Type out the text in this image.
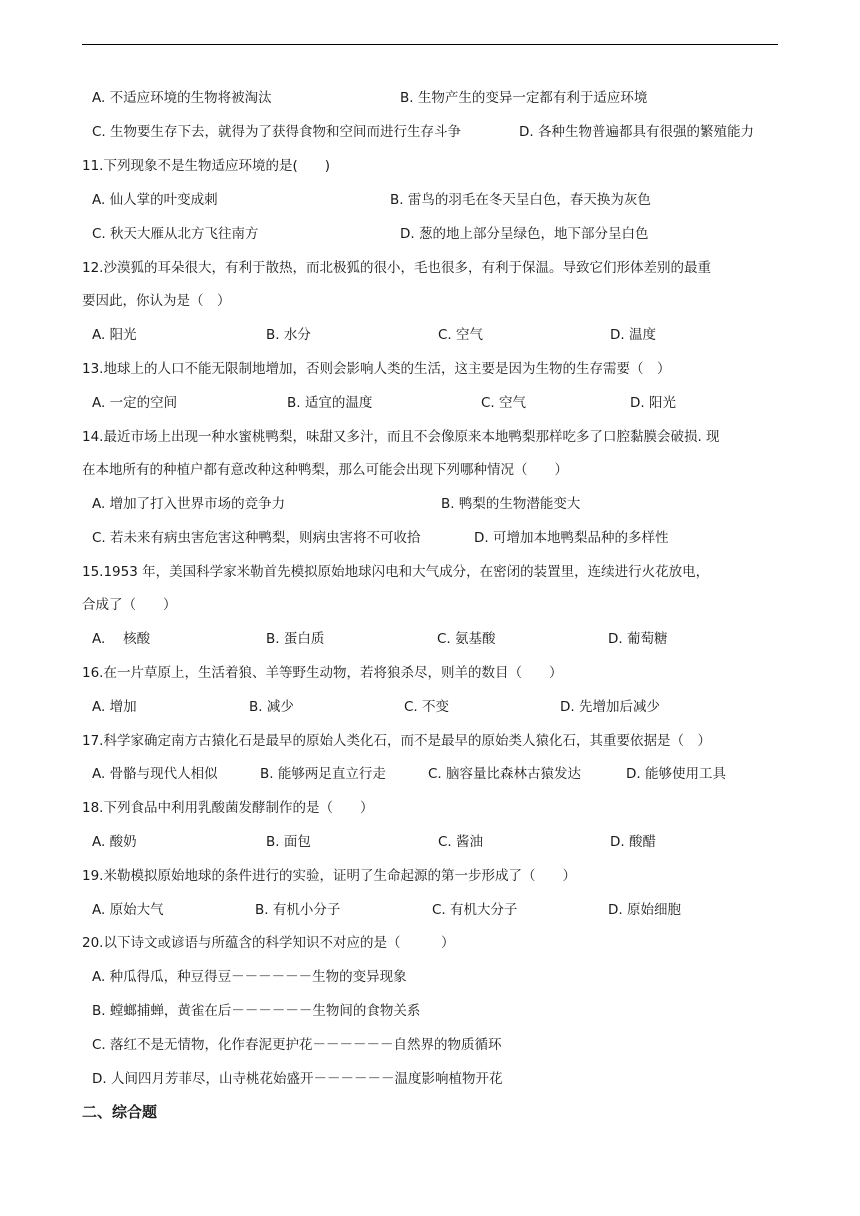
A. 不适应环境的生物将被淘汰	B. 生物产生的变异一定都有利于适应环境
C. 生物要生存下去，就得为了获得食物和空间而进行生存斗争	D. 各种生物普遍都具有很强的繁殖能力
11.下列现象不是生物适应环境的是(　　)
A. 仙人掌的叶变成刺	B. 雷鸟的羽毛在冬天呈白色，春天换为灰色
C. 秋天大雁从北方飞往南方	D. 葱的地上部分呈绿色，地下部分呈白色
12.沙漠狐的耳朵很大，有利于散热，而北极狐的很小，毛也很多，有利于保温。导致它们形体差别的最重
要因此，你认为是（　）
A. 阳光	B. 水分	C. 空气	D. 温度
13.地球上的人口不能无限制地增加，否则会影响人类的生活，这主要是因为生物的生存需要（　）
A. 一定的空间	B. 适宜的温度	C. 空气	D. 阳光
14.最近市场上出现一种水蜜桃鸭梨，味甜又多汁，而且不会像原来本地鸭梨那样吃多了口腔黏膜会破损. 现
在本地所有的种植户都有意改种这种鸭梨，那么可能会出现下列哪种情况（　　）
A. 增加了打入世界市场的竞争力	B. 鸭梨的生物潜能变大
C. 若未来有病虫害危害这种鸭梨，则病虫害将不可收拾	D. 可增加本地鸭梨品种的多样性
15.1953 年，美国科学家米勒首先模拟原始地球闪电和大气成分，在密闭的装置里，连续进行火花放电，
合成了（　　）
A. 　核酸	B. 蛋白质	C. 氨基酸	D. 葡萄糖
16.在一片草原上，生活着狼、羊等野生动物，若将狼杀尽，则羊的数目（　　）
A. 增加	B. 减少	C. 不变	D. 先增加后减少
17.科学家确定南方古猿化石是最早的原始人类化石，而不是最早的原始类人猿化石，其重要依据是（　）
A. 骨骼与现代人相似	B. 能够两足直立行走	C. 脑容量比森林古猿发达	D. 能够使用工具
18.下列食品中利用乳酸菌发酵制作的是（　　）
A. 酸奶	B. 面包	C. 酱油	D. 酸醋
19.米勒模拟原始地球的条件进行的实验，证明了生命起源的第一步形成了（　　）
A. 原始大气	B. 有机小分子	C. 有机大分子	D. 原始细胞
20.以下诗文或谚语与所蕴含的科学知识不对应的是（　　　）
A. 种瓜得瓜，种豆得豆－－－－－－生物的变异现象
B. 螳螂捕蝉，黄雀在后－－－－－－生物间的食物关系
C. 落红不是无情物，化作春泥更护花－－－－－－自然界的物质循环
D. 人间四月芳菲尽，山寺桃花始盛开－－－－－－温度影响植物开花
二、综合题
